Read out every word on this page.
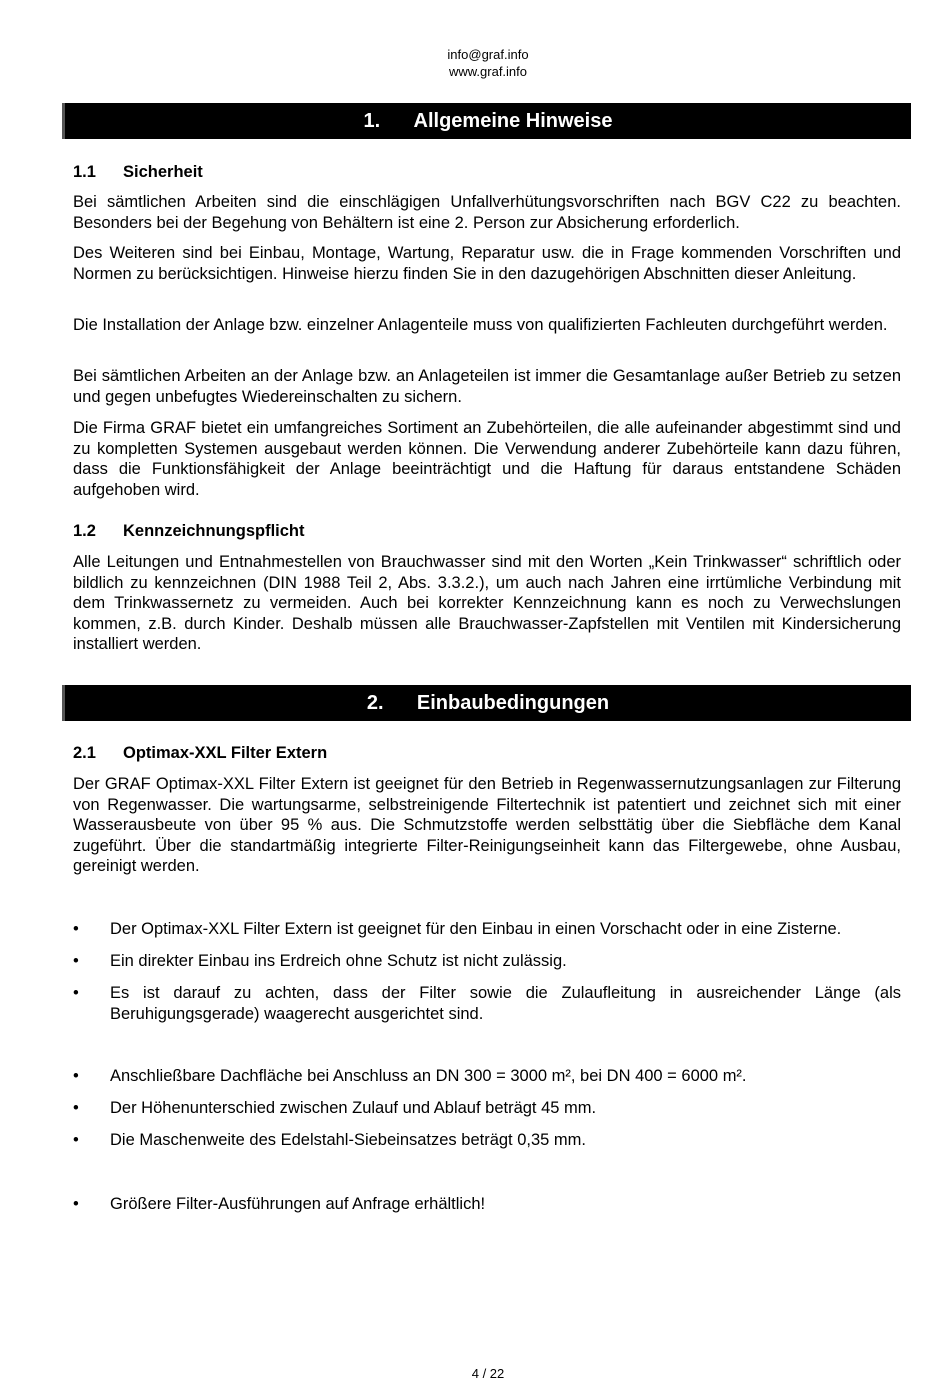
info@graf.info
www.graf.info
1.	Allgemeine Hinweise
1.1 Sicherheit

Bei sämtlichen Arbeiten sind die einschlägigen Unfallverhütungsvorschriften nach BGV C22 zu beachten. Besonders bei der Begehung von Behältern ist eine 2. Person zur Absicherung erforderlich.

Des Weiteren sind bei Einbau, Montage, Wartung, Reparatur usw. die in Frage kommenden Vorschriften und Normen zu berücksichtigen. Hinweise hierzu finden Sie in den dazugehörigen Abschnitten dieser Anleitung.

Die Installation der Anlage bzw. einzelner Anlagenteile muss von qualifizierten Fachleuten durchgeführt werden.

Bei sämtlichen Arbeiten an der Anlage bzw. an Anlageteilen ist immer die Gesamtanlage außer Betrieb zu setzen und gegen unbefugtes Wiedereinschalten zu sichern.

Die Firma GRAF bietet ein umfangreiches Sortiment an Zubehörteilen, die alle aufeinander abgestimmt sind und zu kompletten Systemen ausgebaut werden können. Die Verwendung anderer Zubehörteile kann dazu führen, dass die Funktionsfähigkeit der Anlage beeinträchtigt und die Haftung für daraus entstandene Schäden aufgehoben wird.

1.2 Kennzeichnungspflicht

Alle Leitungen und Entnahmestellen von Brauchwasser sind mit den Worten „Kein Trinkwasser“ schriftlich oder bildlich zu kennzeichnen (DIN 1988 Teil 2, Abs. 3.3.2.), um auch nach Jahren eine irrtümliche Verbindung mit dem Trinkwassernetz zu vermeiden. Auch bei korrekter Kennzeichnung kann es noch zu Verwechslungen kommen, z.B. durch Kinder. Deshalb müssen alle Brauchwasser-Zapfstellen mit Ventilen mit Kindersicherung installiert werden.

2.	Einbaubedingungen
2.1 Optimax-XXL Filter Extern

Der GRAF Optimax-XXL Filter Extern ist geeignet für den Betrieb in Regenwassernutzungsanlagen zur Filterung von Regenwasser. Die wartungsarme, selbstreinigende Filtertechnik ist patentiert und zeichnet sich mit einer Wasserausbeute von über 95 % aus. Die Schmutzstoffe werden selbsttätig über die Siebfläche dem Kanal zugeführt. Über die standartmäßig integrierte Filter-Reinigungseinheit kann das Filtergewebe, ohne Ausbau, gereinigt werden.

• Der Optimax-XXL Filter Extern ist geeignet für den Einbau in einen Vorschacht oder in eine Zisterne.
• Ein direkter Einbau ins Erdreich ohne Schutz ist nicht zulässig.
• Es ist darauf zu achten, dass der Filter sowie die Zulaufleitung in ausreichender Länge (als Beruhigungsgerade) waagerecht ausgerichtet sind.
• Anschließbare Dachfläche bei Anschluss an DN 300 = 3000 m², bei DN 400 = 6000 m².
• Der Höhenunterschied zwischen Zulauf und Ablauf beträgt 45 mm.
• Die Maschenweite des Edelstahl-Siebeinsatzes beträgt 0,35 mm.
• Größere Filter-Ausführungen auf Anfrage erhältlich!
4 / 22
